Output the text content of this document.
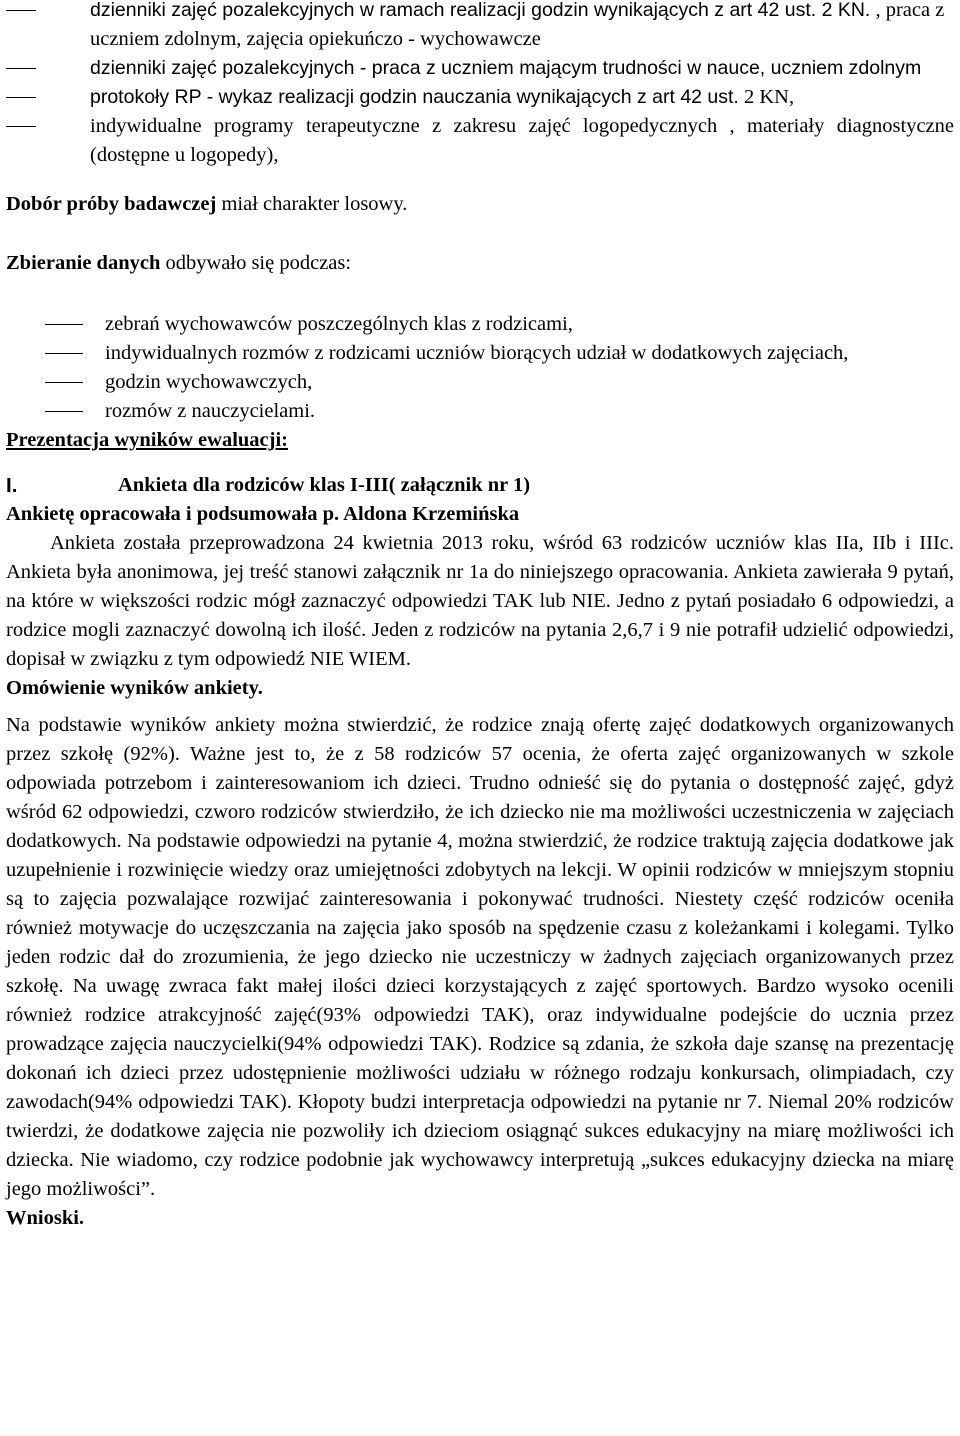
dzienniki zajęć pozalekcyjnych w ramach realizacji godzin wynikających z art 42 ust. 2 KN. , praca z uczniem zdolnym, zajęcia opiekuńczo - wychowawcze
dzienniki zajęć pozalekcyjnych - praca z uczniem mającym trudności w nauce, uczniem zdolnym
protokoły RP - wykaz realizacji godzin nauczania wynikających z art 42 ust. 2 KN,
indywidualne programy terapeutyczne z zakresu zajęć logopedycznych , materiały diagnostyczne (dostępne u logopedy),

Dobór próby badawczej miał charakter losowy.

Zbieranie danych odbywało się podczas:

zebrań wychowawców poszczególnych klas z rodzicami,
indywidualnych rozmów z rodzicami uczniów biorących udział w dodatkowych zajęciach,
godzin wychowawczych,
rozmów z nauczycielami.

Prezentacja wyników ewaluacji:

I.	Ankieta dla rodziców klas I-III( załącznik nr 1)

Ankietę opracowała i podsumowała p. Aldona Krzemińska

Ankieta została przeprowadzona 24 kwietnia 2013 roku, wśród 63 rodziców uczniów klas IIa, IIb i IIIc. Ankieta była anonimowa, jej treść stanowi załącznik nr 1a do niniejszego opracowania. Ankieta zawierała 9 pytań, na które w większości rodzic mógł zaznaczyć odpowiedzi TAK lub NIE. Jedno z pytań posiadało 6 odpowiedzi, a rodzice mogli zaznaczyć dowolną ich ilość. Jeden z rodziców na pytania 2,6,7 i 9 nie potrafił udzielić odpowiedzi, dopisał w związku z tym odpowiedź NIE WIEM.

Omówienie wyników ankiety.

Na podstawie wyników ankiety można stwierdzić, że rodzice znają ofertę zajęć dodatkowych organizowanych przez szkołę (92%). Ważne jest to, że z 58 rodziców 57 ocenia, że oferta zajęć organizowanych w szkole odpowiada potrzebom i zainteresowaniom ich dzieci. Trudno odnieść się do pytania o dostępność zajęć, gdyż wśród 62 odpowiedzi, czworo rodziców stwierdziło, że ich dziecko nie ma możliwości uczestniczenia w zajęciach dodatkowych. Na podstawie odpowiedzi na pytanie 4, można stwierdzić, że rodzice traktują zajęcia dodatkowe jak uzupełnienie i rozwinięcie wiedzy oraz umiejętności zdobytych na lekcji. W opinii rodziców w mniejszym stopniu są to zajęcia pozwalające rozwijać zainteresowania i pokonywać trudności. Niestety część rodziców oceniła również motywacje do uczęszczania na zajęcia jako sposób na spędzenie czasu z koleżankami i kolegami. Tylko jeden rodzic dał do zrozumienia, że jego dziecko nie uczestniczy w żadnych zajęciach organizowanych przez szkołę. Na uwagę zwraca fakt małej ilości dzieci korzystających z zajęć sportowych. Bardzo wysoko ocenili również rodzice atrakcyjność zajęć(93% odpowiedzi TAK), oraz indywidualne podejście do ucznia przez prowadzące zajęcia nauczycielki(94% odpowiedzi TAK). Rodzice są zdania, że szkoła daje szansę na prezentację dokonań ich dzieci przez udostępnienie możliwości udziału w różnego rodzaju konkursach, olimpiadach, czy zawodach(94% odpowiedzi TAK). Kłopoty budzi interpretacja odpowiedzi na pytanie nr 7. Niemal 20% rodziców twierdzi, że dodatkowe zajęcia nie pozwoliły ich dzieciom osiągnąć sukces edukacyjny na miarę możliwości ich dziecka. Nie wiadomo, czy rodzice podobnie jak wychowawcy interpretują „sukces edukacyjny dziecka na miarę jego możliwości”.

Wnioski.
